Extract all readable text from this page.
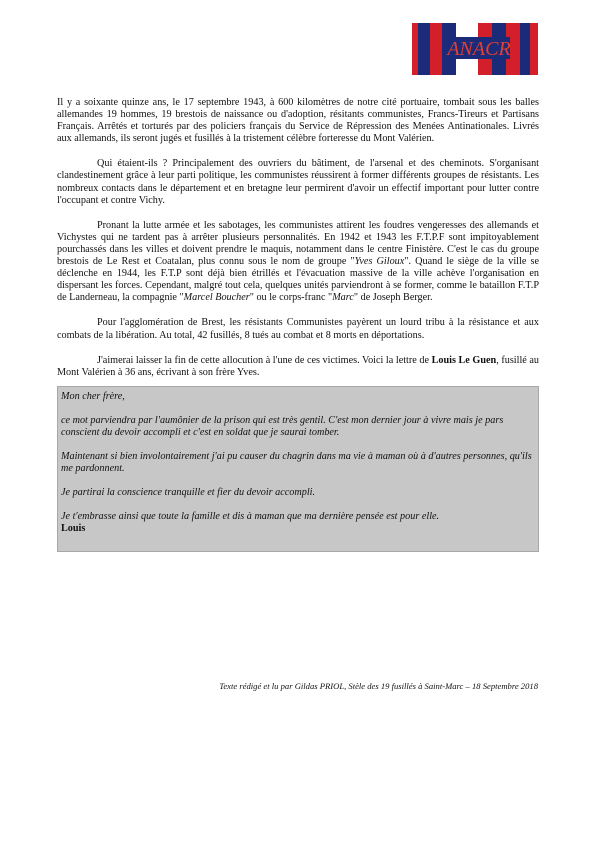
ANACR

Il y a soixante quinze ans, le 17 septembre 1943, à 600 kilomètres de notre cité portuaire, tombait sous les balles allemandes 19 hommes, 19 brestois de naissance ou d'adoption, résitants communistes, Francs-Tireurs et Partisans Français. Arrêtés et torturés par des policiers français du Service de Répression des Menées Antinationales. Livrés aux allemands, ils seront jugés et fusillés à la tristement célèbre forteresse du Mont Valérien.

Qui étaient-ils ? Principalement des ouvriers du bâtiment, de l'arsenal et des cheminots. S'organisant clandestinement grâce à leur parti politique, les communistes réussirent à former différents groupes de résistants. Les nombreux contacts dans le département et en bretagne leur permirent d'avoir un effectif important pour lutter contre l'occupant et contre Vichy.

Pronant la lutte armée et les sabotages, les communistes attirent les foudres vengeresses des allemands et Vichystes qui ne tardent pas à arrêter plusieurs personnalités. En 1942 et 1943 les F.T.P.F sont impitoyablement pourchassés dans les villes et doivent prendre le maquis, notamment dans le centre Finistère. C'est le cas du groupe brestois de Le Rest et Coatalan, plus connu sous le nom de groupe "Yves Giloux". Quand le siège de la ville se déclenche en 1944, les F.T.P sont déjà bien étrillés et l'évacuation massive de la ville achève l'organisation en dispersant les forces. Cependant, malgré tout cela, quelques unités parviendront à se former, comme le bataillon F.T.P de Landerneau, la compagnie "Marcel Boucher" ou le corps-franc "Marc" de Joseph Berger.

Pour l'agglomération de Brest, les résistants Communistes payèrent un lourd tribu à la résistance et aux combats de la libération. Au total, 42 fusillés, 8 tués au combat et 8 morts en déportations.

J'aimerai laisser la fin de cette allocution à l'une de ces victimes. Voici la lettre de Louis Le Guen, fusillé au Mont Valérien à 36 ans, écrivant à son frère Yves.

Mon cher frère,

ce mot parviendra par l'aumônier de la prison qui est très gentil. C'est mon dernier jour à vivre mais je pars conscient du devoir accompli et c'est en soldat que je saurai tomber.

Maintenant si bien involontairement j'ai pu causer du chagrin dans ma vie à maman où à d'autres personnes, qu'ils me pardonnent.

Je partirai la conscience tranquille et fier du devoir accompli.

Je t'embrasse ainsi que toute la famille et dis à maman que ma dernière pensée est pour elle.

Louis

Texte rédigé et lu par Gildas PRIOL, Stèle des 19 fusillés à Saint-Marc – 18 Septembre 2018
